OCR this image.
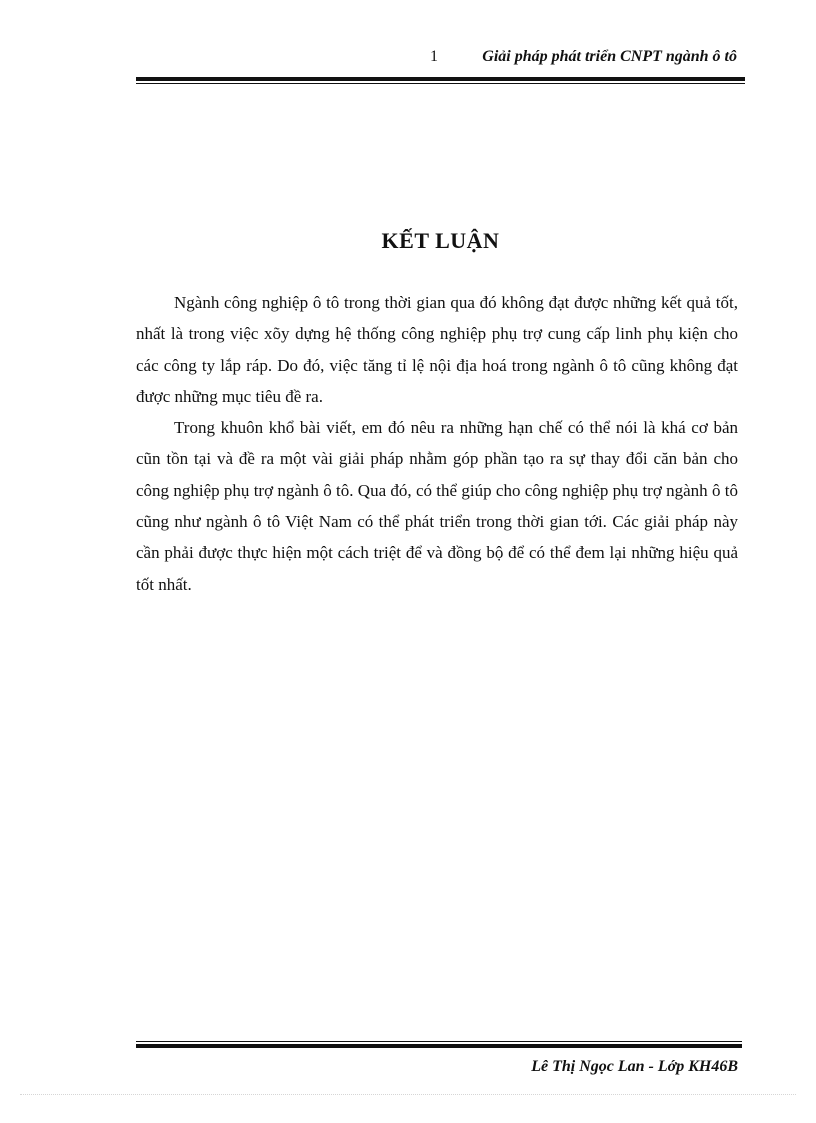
1	Giải pháp phát triển CNPT ngành ô tô
KẾT LUẬN

Ngành công nghiệp ô tô trong thời gian qua đó không đạt được những kết quả tốt, nhất là trong việc xõy dựng hệ thống công nghiệp phụ trợ cung cấp linh phụ kiện cho các công ty lắp ráp. Do đó, việc tăng tỉ lệ nội địa hoá trong ngành ô tô cũng không đạt được những mục tiêu đề ra.

Trong khuôn khổ bài viết, em đó nêu ra những hạn chế có thể nói là khá cơ bản cũn tồn tại và đề ra một vài giải pháp nhằm góp phần tạo ra sự thay đổi căn bản cho công nghiệp phụ trợ ngành ô tô. Qua đó, có thể giúp cho công nghiệp phụ trợ ngành ô tô cũng như ngành ô tô Việt Nam có thể phát triển trong thời gian tới. Các giải pháp này cần phải được thực hiện một cách triệt để và đồng bộ để có thể đem lại những hiệu quả tốt nhất.

Lê Thị Ngọc Lan - Lớp KH46B
